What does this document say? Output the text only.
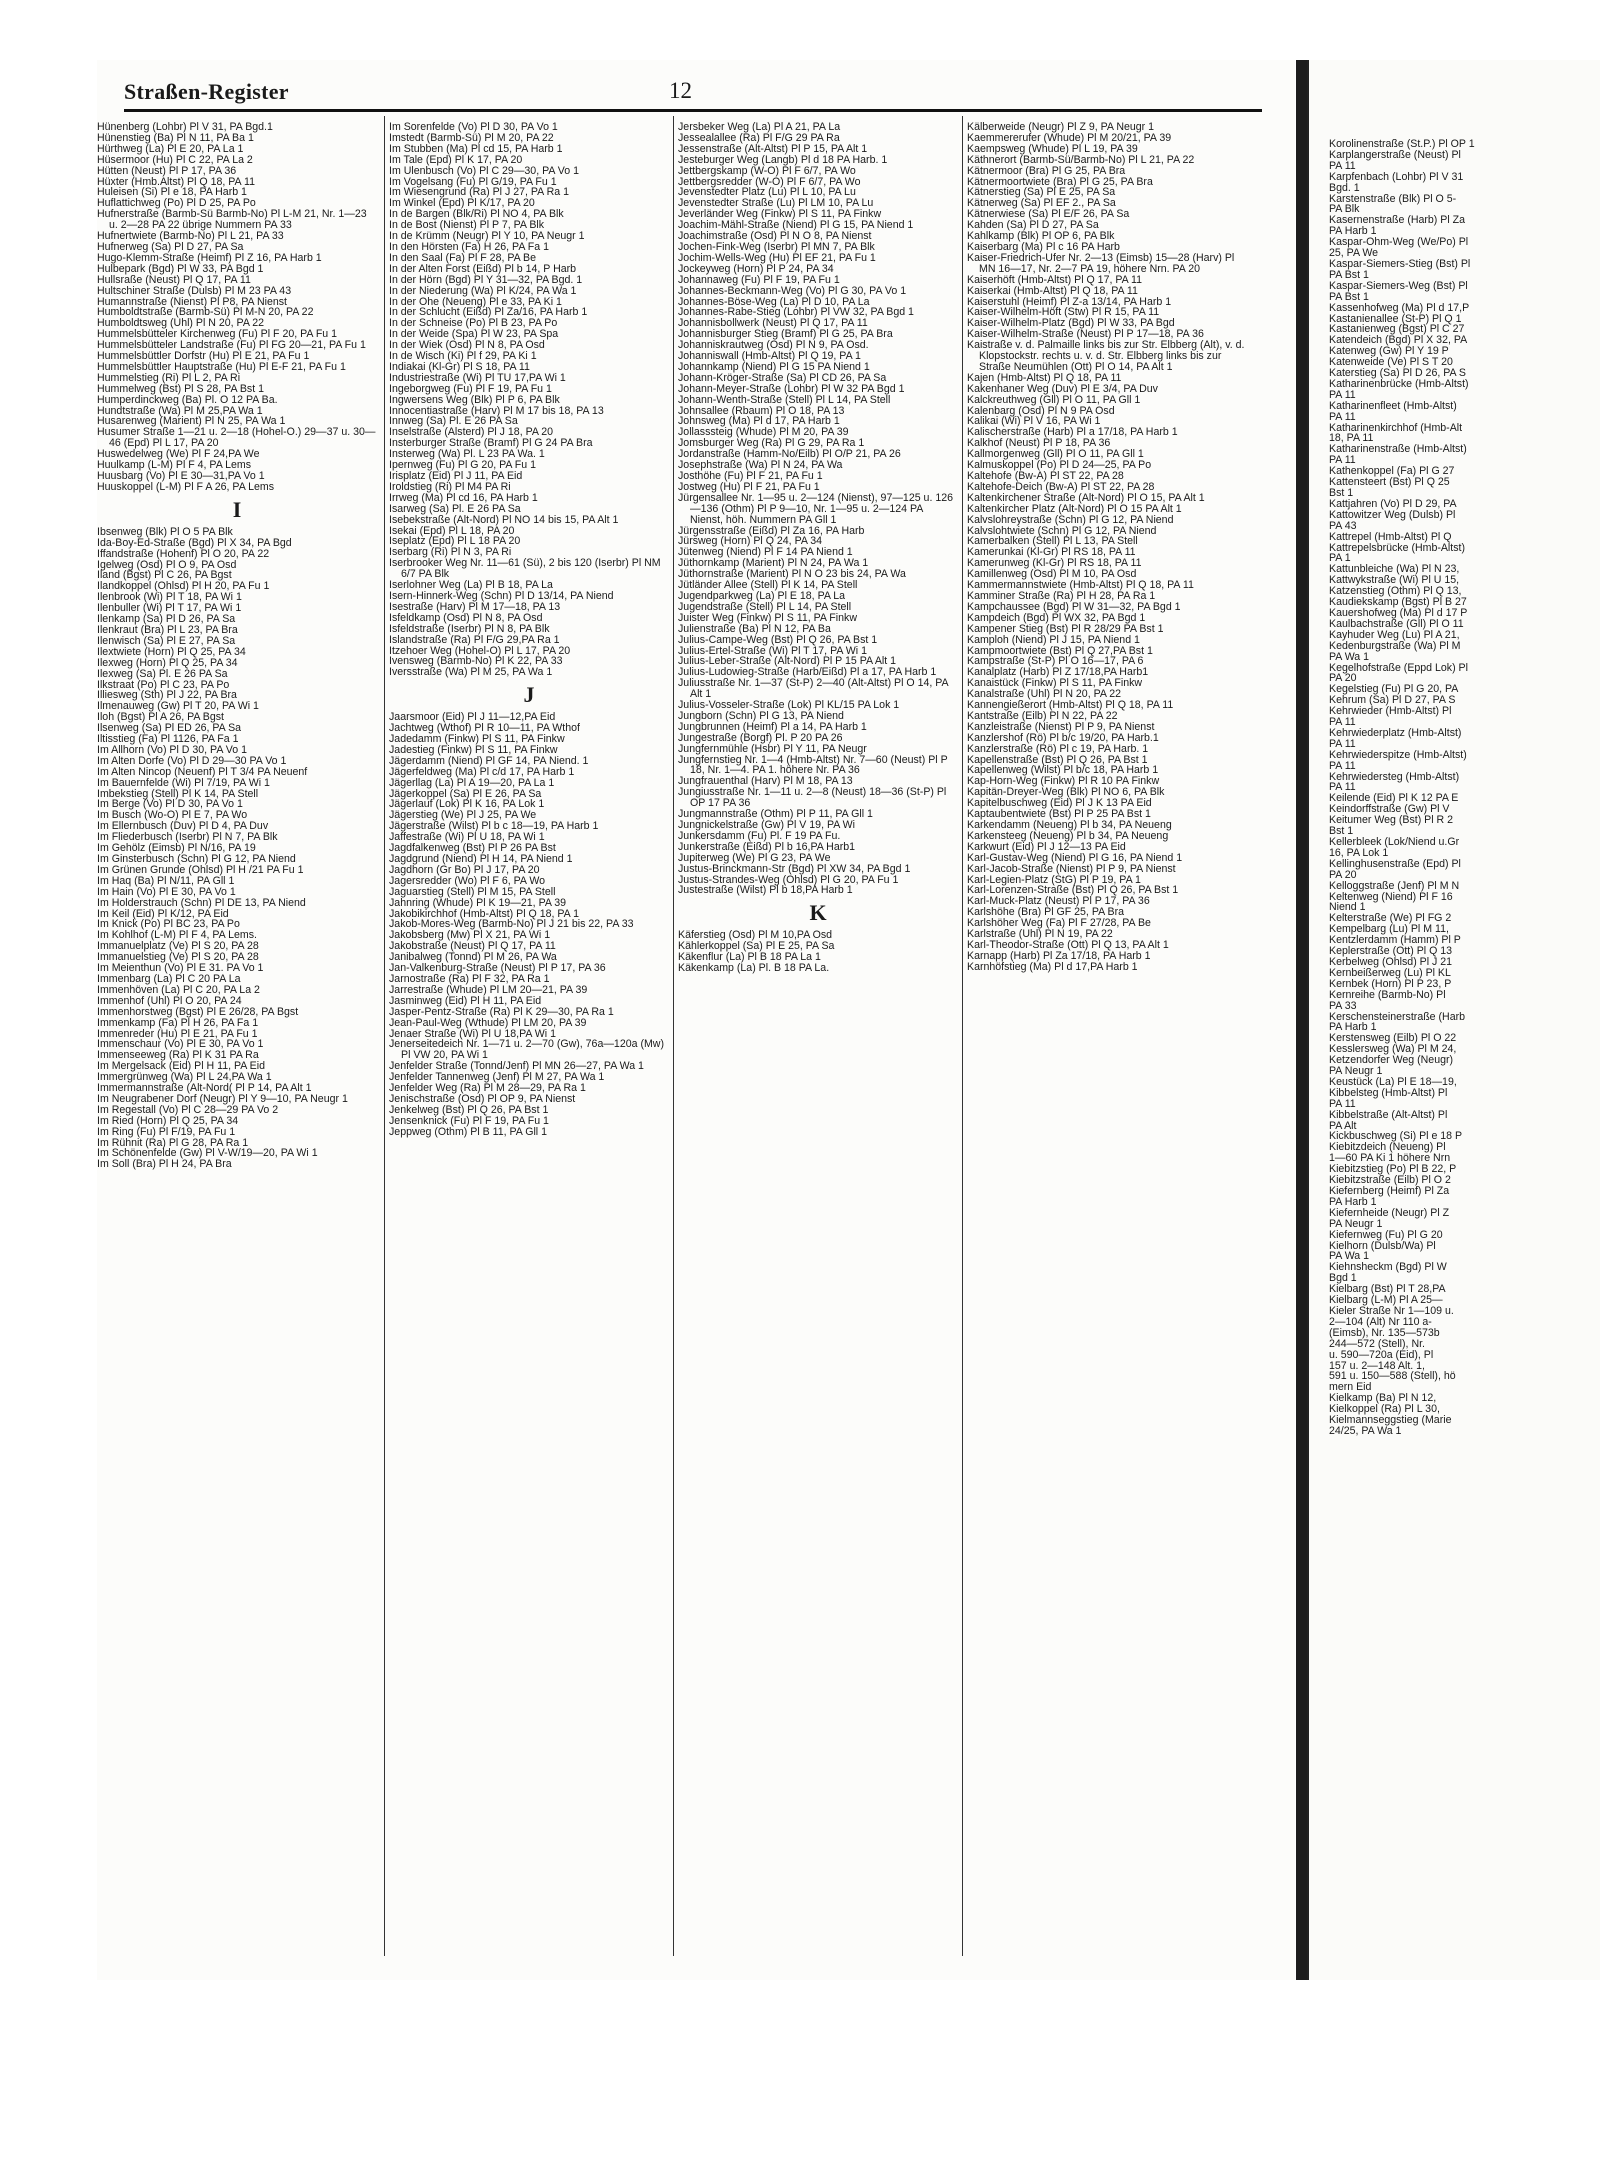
Straßen-Register	12
Hünenberg (Lohbr) Pl V 31, PA Bgd.1
Hünenstieg (Ba) Pl N 11, PA Ba 1
Hürthweg (La) Pl E 20, PA La 1
Hüsermoor (Hu) Pl C 22, PA La 2
Hütten (Neust) Pl P 17, PA 36
Hüxter (Hmb.Altst) Pl Q 18, PA 11
Huleisen (Si) Pl e 18, PA Harb 1
Huflattichweg (Po) Pl D 25, PA Po
Hufnerstraße (Barmb-Sü Barmb-No) Pl L-M 21, Nr. 1—23 u. 2—28 PA 22 übrige Nummern PA 33
Hufnertwiete (Barmb-No) Pl L 21, PA 33
Hufnerweg (Sa) Pl D 27, PA Sa
Hugo-Klemm-Straße (Heimf) Pl Z 16, PA Harb 1
Hulbepark (Bgd) Pl W 33, PA Bgd 1
Hullsraße (Neust) Pl Q 17, PA 11
Hultschiner Straße (Dulsb) Pl M 23 PA 43
Humannstraße (Nienst) Pl P8, PA Nienst
Humboldtstraße (Barmb-Sü) Pl M-N 20, PA 22
Humboldtsweg (Uhl) Pl N 20, PA 22
Hummelsbütteler Kirchenweg (Fu) Pl F 20, PA Fu 1
Hummelsbütteler Landstraße (Fu) Pl FG 20—21, PA Fu 1
Hummelsbüttler Dorfstr (Hu) Pl E 21, PA Fu 1
Hummelsbüttler Hauptstraße (Hu) Pl E-F 21, PA Fu 1
Hummelstieg (Ri) Pl L 2, PA Ri
Hummelweg (Bst) Pl S 28, PA Bst 1
Humperdinckweg (Ba) Pl. O 12 PA Ba.
Hundtstraße (Wa) Pl M 25,PA Wa 1
Husarenweg (Marient) Pl N 25, PA Wa 1
Husumer Straße 1—21 u. 2—18 (Hohel-O.) 29—37 u. 30—46 (Epd) Pl L 17, PA 20
Huswedelweg (We) Pl F 24,PA We
Huulkamp (L-M) Pl F 4, PA Lems
Huusbarg (Vo) Pl E 30—31,PA Vo 1
Huuskoppel (L-M) Pl F A 26, PA Lems
I
Ibsenweg (Blk) Pl O 5 PA Blk
Ida-Boy-Ed-Straße (Bgd) Pl X 34, PA Bgd
Iffandstraße (Hohenf) Pl O 20, PA 22
Igelweg (Osd) Pl O 9, PA Osd
Iland (Bgst) Pl C 26, PA Bgst
Ilandkoppel (Ohlsd) Pl H 20, PA Fu 1
Ilenbrook (Wi) Pl T 18, PA Wi 1
Ilenbuller (Wi) Pl T 17, PA Wi 1
Ilenkamp (Sa) Pl D 26, PA Sa
Ilenkraut (Bra) Pl L 23, PA Bra
Ilenwisch (Sa) Pl E 27, PA Sa
Ilextwiete (Horn) Pl Q 25, PA 34
Ilexweg (Horn) Pl Q 25, PA 34
Ilexweg (Sa) Pl. E 26 PA Sa
Ilkstraat (Po) Pl C 23, PA Po
Illiesweg (Sth) Pl J 22, PA Bra
Ilmenauweg (Gw) Pl T 20, PA Wi 1
Iloh (Bgst) Pl A 26, PA Bgst
Ilsenweg (Sa) Pl ED 26, PA Sa
Iltisstieg (Fa) Pl 1126, PA Fa 1
Im Allhorn (Vo) Pl D 30, PA Vo 1
Im Alten Dorfe (Vo) Pl D 29—30 PA Vo 1
Im Alten Nincop (Neuenf) Pl T 3/4 PA Neuenf
Im Bauernfelde (Wi) Pl 7/19, PA Wi 1
Imbekstieg (Stell) Pl K 14, PA Stell
Im Berge (Vo) Pl D 30, PA Vo 1
Im Busch (Wo-O) Pl E 7, PA Wo
Im Ellernbusch (Duv) Pl D 4, PA Duv
Im Fliederbusch (Iserbr) Pl N 7, PA Blk
Im Gehölz (Eimsb) Pl N/16, PA 19
Im Ginsterbusch (Schn) Pl G 12, PA Niend
Im Grünen Grunde (Ohlsd) Pl H /21 PA Fu 1
Im Haq (Ba) Pl N/11, PA Gll 1
Im Hain (Vo) Pl E 30, PA Vo 1
Im Holderstrauch (Schn) Pl DE 13, PA Niend
Im Keil (Eid) Pl K/12, PA Eid
Im Knick (Po) Pl BC 23, PA Po
Im Kohlhof (L-M) Pl F 4, PA Lems.
Immanuelplatz (Ve) Pl S 20, PA 28
Immanuelstieg (Ve) Pl S 20, PA 28
Im Meienthun (Vo) Pl E 31. PA Vo 1
Immenbarg (La) Pl C 20 PA La
Immenhöven (La) Pl C 20, PA La 2
Immenhof (Uhl) Pl O 20, PA 24
Immenhorstweg (Bgst) Pl E 26/28, PA Bgst
Immenkamp (Fa) Pl H 26, PA Fa 1
Immenreder (Hu) Pl E 21, PA Fu 1
Immenschaur (Vo) Pl E 30, PA Vo 1
Immenseeweg (Ra) Pl K 31 PA Ra
Im Mergelsack (Eid) Pl H 11, PA Eid
Immergrünweg (Wa) Pl L 24,PA Wa 1
Immermannstraße (Alt-Nord( Pl P 14, PA Alt 1
Im Neugrabener Dorf (Neugr) Pl Y 9—10, PA Neugr 1
Im Regestall (Vo) Pl C 28—29 PA Vo 2
Im Ried (Horn) Pl Q 25, PA 34
Im Ring (Fu) Pl F/19, PA Fu 1
Im Rühnit (Ra) Pl G 28, PA Ra 1
Im Schönenfelde (Gw) Pl V-W/19—20, PA Wi 1
Im Soll (Bra) Pl H 24, PA Bra
Im Sorenfelde (Vo) Pl D 30, PA Vo 1
Imstedt (Barmb-Sü) Pl M 20, PA 22
Im Stubben (Ma) Pl cd 15, PA Harb 1
Im Tale (Epd) Pl K 17, PA 20
Im Ulenbusch (Vo) Pl C 29—30, PA Vo 1
Im Vogelsang (Fu) Pl G/19, PA Fu 1
Im Wiesengrund (Ra) Pl J 27, PA Ra 1
Im Winkel (Epd) Pl K/17, PA 20
In de Bargen (Blk/Ri) Pl NO 4, PA Blk
In de Bost (Nienst) Pl P 7, PA Blk
In de Krümm (Neugr) Pl Y 10, PA Neugr 1
In den Hörsten (Fa) H 26, PA Fa 1
In den Saal (Fa) Pl F 28, PA Be
In der Alten Forst (Eißd) Pl b 14, P Harb
In der Hörn (Bgd) Pl Y 31—32, PA Bgd. 1
In der Niederung (Wa) Pl K/24, PA Wa 1
In der Ohe (Neueng) Pl e 33, PA Ki 1
In der Schlucht (Eißd) Pl Za/16, PA Harb 1
In der Schneise (Po) Pl B 23, PA Po
In der Weide (Spa) Pl W 23, PA Spa
In der Wiek (Osd) Pl N 8, PA Osd
In de Wisch (Ki) Pl f 29, PA Ki 1
Indiakai (Kl-Gr) Pl S 18, PA 11
Industriestraße (Wi) Pl TU 17,PA Wi 1
Ingeborgweg (Fu) Pl F 19, PA Fu 1
Ingwersens Weg (Blk) Pl P 6, PA Blk
Innocentiastraße (Harv) Pl M 17 bis 18, PA 13
Innweg (Sa) Pl. E 26 PA Sa
Inselstraße (Alsterd) Pl J 18, PA 20
Insterburger Straße (Bramf) Pl G 24 PA Bra
Insterweg (Wa) Pl. L 23 PA Wa. 1
Ipernweg (Fu) Pl G 20, PA Fu 1
Irisplatz (Eid) Pl J 11, PA Eid
Iroldstieg (Ri) Pl M4 PA Ri
Irrweg (Ma) Pl cd 16, PA Harb 1
Isarweg (Sa) Pl. E 26 PA Sa
Isebekstraße (Alt-Nord) Pl NO 14 bis 15, PA Alt 1
Isekai (Epd) Pl L 18, PA 20
Iseplatz (Epd) Pl L 18 PA 20
Iserbarg (Ri) Pl N 3, PA Ri
Iserbrooker Weg Nr. 11—61 (Sü), 2 bis 120 (Iserbr) Pl NM 6/7 PA Blk
Iserlohner Weg (La) Pl B 18, PA La
Isern-Hinnerk-Weg (Schn) Pl D 13/14, PA Niend
Isestraße (Harv) Pl M 17—18, PA 13
Isfeldkamp (Osd) Pl N 8, PA Osd
Isfeldstraße (Iserbr) Pl N 8, PA Blk
Islandstraße (Ra) Pl F/G 29,PA Ra 1
Itzehoer Weg (Hohel-O) Pl L 17, PA 20
Ivensweg (Barmb-No) Pl K 22, PA 33
Iversstraße (Wa) Pl M 25, PA Wa 1
J
Jaarsmoor (Eid) Pl J 11—12,PA Eid
Jachtweg (Wthof) Pl R 10—11, PA Wthof
Jadedamm (Finkw) Pl S 11, PA Finkw
Jadestieg (Finkw) Pl S 11, PA Finkw
Jägerdamm (Niend) Pl GF 14, PA Niend. 1
Jägerfeldweg (Ma) Pl c/d 17, PA Harb 1
Jägerllag (La) Pl A 19—20, PA La 1
Jägerkoppel (Sa) Pl E 26, PA Sa
Jägerlauf (Lok) Pl K 16, PA Lok 1
Jägerstieg (We) Pl J 25, PA We
Jägerstraße (Wilst) Pl b c 18—19, PA Harb 1
Jaffestraße (Wi) Pl U 18, PA Wi 1
Jagdfalkenweg (Bst) Pl P 26 PA Bst
Jagdgrund (Niend) Pl H 14, PA Niend 1
Jagdhorn (Gr Bo) Pl J 17, PA 20
Jagersredder (Wo) Pl F 6, PA Wo
Jaguarstieg (Stell) Pl M 15, PA Stell
Jahnring (Whude) Pl K 19—21, PA 39
Jakobikirchhof (Hmb-Altst) Pl Q 18, PA 1
Jakob-Mores-Weg (Barmb-No) Pl J 21 bis 22, PA 33
Jakobsberg (Mw) Pl X 21, PA Wi 1
Jakobstraße (Neust) Pl Q 17, PA 11
Janibalweg (Tonnd) Pl M 26, PA Wa
Jan-Valkenburg-Straße (Neust) Pl P 17, PA 36
Jarnostraße (Ra) Pl F 32, PA Ra 1
Jarrestraße (Whude) Pl LM 20—21, PA 39
Jasminweg (Eid) Pl H 11, PA Eid
Jasper-Pentz-Straße (Ra) Pl K 29—30, PA Ra 1
Jean-Paul-Weg (Wthude) Pl LM 20, PA 39
Jenaer Straße (Wi) Pl U 18,PA Wi 1
Jenerseitedeich Nr. 1—71 u. 2—70 (Gw), 76a—120a (Mw) Pl VW 20, PA Wi 1
Jenfelder Straße (Tonnd/Jenf) Pl MN 26—27, PA Wa 1
Jenfelder Tannenweg (Jenf) Pl M 27, PA Wa 1
Jenfelder Weg (Ra) Pl M 28—29, PA Ra 1
Jenischstraße (Osd) Pl OP 9, PA Nienst
Jenkelweg (Bst) Pl Q 26, PA Bst 1
Jensenknick (Fu) Pl F 19, PA Fu 1
Jeppweg (Othm) Pl B 11, PA Gll 1
Jersbeker Weg (La) Pl A 21, PA La
Jessealallee (Ra) Pl F/G 29 PA Ra
Jessenstraße (Alt-Altst) Pl P 15, PA Alt 1
Jesteburger Weg (Langb) Pl d 18 PA Harb. 1
Jettbergskamp (W-O) Pl F 6/7, PA Wo
Jettbergsredder (W-O) Pl F 6/7, PA Wo
Jevenstedter Platz (Lu) Pl L 10, PA Lu
Jevenstedter Straße (Lu) Pl LM 10, PA Lu
Jeverländer Weg (Finkw) Pl S 11, PA Finkw
Joachim-Mähl-Straße (Niend) Pl G 15, PA Niend 1
Joachimstraße (Osd) Pl N O 8, PA Nienst
Jochen-Fink-Weg (Iserbr) Pl MN 7, PA Blk
Jochim-Wells-Weg (Hu) Pl EF 21, PA Fu 1
Jockeyweg (Horn) Pl P 24, PA 34
Johannaweg (Fu) Pl F 19, PA Fu 1
Johannes-Beckmann-Weg (Vo) Pl G 30, PA Vo 1
Johannes-Böse-Weg (La) Pl D 10, PA La
Johannes-Rabe-Stieg (Lohbr) Pl VW 32, PA Bgd 1
Johannisbollwerk (Neust) Pl Q 17, PA 11
Johannisburger Stieg (Bramf) Pl G 25, PA Bra
Johanniskrautweg (Osd) Pl N 9, PA Osd.
Johanniswall (Hmb-Altst) Pl Q 19, PA 1
Johannkamp (Niend) Pl G 15 PA Niend 1
Johann-Kröger-Straße (Sa) Pl CD 26, PA Sa
Johann-Meyer-Straße (Lohbr) Pl W 32 PA Bgd 1
Johann-Wenth-Straße (Stell) Pl L 14, PA Stell
Johnsallee (Rbaum) Pl O 18, PA 13
Johnsweg (Ma) Pl d 17, PA Harb 1
Jollasssteig (Whude) Pl M 20, PA 39
Jomsburger Weg (Ra) Pl G 29, PA Ra 1
Jordanstraße (Hamm-No/Eilb) Pl O/P 21, PA 26
Josephstraße (Wa) Pl N 24, PA Wa
Josthöhe (Fu) Pl F 21, PA Fu 1
Jostweg (Hu) Pl F 21, PA Fu 1
Jürgensallee Nr. 1—95 u. 2—124 (Nienst), 97—125 u. 126—136 (Othm) Pl P 9—10, Nr. 1—95 u. 2—124 PA Nienst, höh. Nummern PA Gll 1
Jürgensstraße (Eißd) Pl Za 16, PA Harb
Jürsweg (Horn) Pl Q 24, PA 34
Jütenweg (Niend) Pl F 14 PA Niend 1
Jüthornkamp (Marient) Pl N 24, PA Wa 1
Jüthornstraße (Marient) Pl N O 23 bis 24, PA Wa
Jütländer Allee (Stell) Pl K 14, PA Stell
Jugendparkweg (La) Pl E 18, PA La
Jugendstraße (Stell) Pl L 14, PA Stell
Juister Weg (Finkw) Pl S 11, PA Finkw
Julienstraße (Ba) Pl N 12, PA Ba
Julius-Campe-Weg (Bst) Pl Q 26, PA Bst 1
Julius-Ertel-Straße (Wi) Pl T 17, PA Wi 1
Julius-Leber-Straße (Alt-Nord) Pl P 15 PA Alt 1
Julius-Ludowieg-Straße (Harb/Eißd) Pl a 17, PA Harb 1
Juliusstraße Nr. 1—37 (St-P) 2—40 (Alt-Altst) Pl O 14, PA Alt 1
Julius-Vosseler-Straße (Lok) Pl KL/15 PA Lok 1
Jungborn (Schn) Pl G 13, PA Niend
Jungbrunnen (Heimf) Pl a 14, PA Harb 1
Jungestraße (Borgf) Pl. P 20 PA 26
Jungfernmühle (Hsbr) Pl Y 11, PA Neugr
Jungfernstieg Nr. 1—4 (Hmb-Altst) Nr. 7—60 (Neust) Pl P 18, Nr. 1—4. PA 1. höhere Nr. PA 36
Jungfrauenthal (Harv) Pl M 18, PA 13
Jungiusstraße Nr. 1—11 u. 2—8 (Neust) 18—36 (St-P) Pl OP 17 PA 36
Jungmannstraße (Othm) Pl P 11, PA Gll 1
Jungnickelstraße (Gw) Pl V 19, PA Wi
Junkersdamm (Fu) Pl. F 19 PA Fu.
Junkerstraße (Eißd) Pl b 16,PA Harb1
Jupiterweg (We) Pl G 23, PA We
Justus-Brinckmann-Str (Bgd) Pl XW 34, PA Bgd 1
Justus-Strandes-Weg (Ohlsd) Pl G 20, PA Fu 1
Justestraße (Wilst) Pl b 18,PA Harb 1
K
Käferstieg (Osd) Pl M 10,PA Osd
Kählerkoppel (Sa) Pl E 25, PA Sa
Käkenflur (La) Pl B 18 PA La 1
Käkenkamp (La) Pl. B 18 PA La.
Kälberweide (Neugr) Pl Z 9, PA Neugr 1
Kaemmererufer (Whude) Pl M 20/21, PA 39
Kaempsweg (Whude) Pl L 19, PA 39
Käthnerort (Barmb-Sü/Barmb-No) Pl L 21, PA 22
Kätnermoor (Bra) Pl G 25, PA Bra
Kätnermoortwiete (Bra) Pl G 25, PA Bra
Kätnerstieg (Sa) Pl E 25, PA Sa
Kätnerweg (Sa) Pl EF 2., PA Sa
Kätnerwiese (Sa) Pl E/F 26, PA Sa
Kahden (Sa) Pl D 27, PA Sa
Kahlkamp (Blk) Pl OP 6, PA Blk
Kaiserbarg (Ma) Pl c 16 PA Harb
Kaiser-Friedrich-Ufer Nr. 2—13 (Eimsb) 15—28 (Harv) Pl MN 16—17, Nr. 2—7 PA 19, höhere Nrn. PA 20
Kaiserhöft (Hmb-Altst) Pl Q 17, PA 11
Kaiserkai (Hmb-Altst) Pl Q 18, PA 11
Kaiserstuhl (Heimf) Pl Z-a 13/14, PA Harb 1
Kaiser-Wilhelm-Höft (Stw) Pl R 15, PA 11
Kaiser-Wilhelm-Platz (Bgd) Pl W 33, PA Bgd
Kaiser-Wilhelm-Straße (Neust) Pl P 17—18, PA 36
Kaistraße v. d. Palmaille links bis zur Str. Elbberg (Alt), v. d. Klopstockstr. rechts u. v. d. Str. Elbberg links bis zur Straße Neumühlen (Ott) Pl O 14, PA Alt 1
Kajen (Hmb-Altst) Pl Q 18, PA 11
Kakenhaner Weg (Duv) Pl E 3/4, PA Duv
Kalckreuthweg (Gll) Pl O 11, PA Gll 1
Kalenbarg (Osd) Pl N 9 PA Osd
Kalikai (Wi) Pl V 16, PA Wi 1
Kalischerstraße (Harb) Pl a 17/18, PA Harb 1
Kalkhof (Neust) Pl P 18, PA 36
Kallmorgenweg (Gll) Pl O 11, PA Gll 1
Kalmuskoppel (Po) Pl D 24—25, PA Po
Kaltehofe (Bw-A) Pl ST 22, PA 28
Kaltehofe-Deich (Bw-A) Pl ST 22, PA 28
Kaltenkirchener Straße (Alt-Nord) Pl O 15, PA Alt 1
Kaltenkircher Platz (Alt-Nord) Pl O 15 PA Alt 1
Kalvslohreystraße (Schn) Pl G 12, PA Niend
Kalvslohtwiete (Schn) Pl G 12, PA Niend
Kamerbalken (Stell) Pl L 13, PA Stell
Kamerunkai (Kl-Gr) Pl RS 18, PA 11
Kamerunweg (Kl-Gr) Pl RS 18, PA 11
Kamillenweg (Osd) Pl M 10, PA Osd
Kammermannstwiete (Hmb-Altst) Pl Q 18, PA 11
Kamminer Straße (Ra) Pl H 28, PA Ra 1
Kampchaussee (Bgd) Pl W 31—32, PA Bgd 1
Kampdeich (Bgd) Pl WX 32, PA Bgd 1
Kampener Stieg (Bst) Pl R 28/29 PA Bst 1
Kamploh (Niend) Pl J 15, PA Niend 1
Kampmoortwiete (Bst) Pl Q 27,PA Bst 1
Kampstraße (St-P) Pl O 16—17, PA 6
Kanalplatz (Harb) Pl Z 17/18,PA Harb1
Kanaistück (Finkw) Pl S 11, PA Finkw
Kanalstraße (Uhl) Pl N 20, PA 22
Kannengießerort (Hmb-Altst) Pl Q 18, PA 11
Kantstraße (Eilb) Pl N 22, PA 22
Kanzleistraße (Nienst) Pl P 9, PA Nienst
Kanzlershof (Rö) Pl b/c 19/20, PA Harb.1
Kanzlerstraße (Rö) Pl c 19, PA Harb. 1
Kapellenstraße (Bst) Pl Q 26, PA Bst 1
Kapellenweg (Wilst) Pl b/c 18, PA Harb 1
Kap-Horn-Weg (Finkw) Pl R 10 PA Finkw
Kapitän-Dreyer-Weg (Blk) Pl NO 6, PA Blk
Kapitelbuschweg (Eid) Pl J K 13 PA Eid
Kaptaubentwiete (Bst) Pl P 25 PA Bst 1
Karkendamm (Neueng) Pl b 34, PA Neueng
Karkensteeg (Neueng) Pl b 34, PA Neueng
Karkwurt (Eid) Pl J 12—13 PA Eid
Karl-Gustav-Weg (Niend) Pl G 16, PA Niend 1
Karl-Jacob-Straße (Nienst) Pl P 9, PA Nienst
Karl-Legien-Platz (StG) Pl P 19, PA 1
Karl-Lorenzen-Straße (Bst) Pl Q 26, PA Bst 1
Karl-Muck-Platz (Neust) Pl P 17, PA 36
Karlshöhe (Bra) Pl GF 25, PA Bra
Karlshöher Weg (Fa) Pl F 27/28, PA Be
Karlstraße (Uhl) Pl N 19, PA 22
Karl-Theodor-Straße (Ott) Pl Q 13, PA Alt 1
Karnapp (Harb) Pl Za 17/18, PA Harb 1
Karnhöfstieg (Ma) Pl d 17,PA Harb 1
Korolinenstraße (St.P.) Pl OP 1
Karplangerstraße (Neust) Pl
PA 11
Karpfenbach (Lohbr) Pl V 31
Bgd. 1
Karstenstraße (Blk) Pl O 5-
PA Blk
Kasernenstraße (Harb) Pl Za
PA Harb 1
Kaspar-Ohm-Weg (We/Po) Pl
25, PA We
Kaspar-Siemers-Stieg (Bst) Pl
PA Bst 1
Kaspar-Siemers-Weg (Bst) Pl
PA Bst 1
Kassenhofweg (Ma) Pl d 17,P
Kastanienallee (St-P) Pl Q 1
Kastanienweg (Bgst) Pl C 27
Katendeich (Bgd) Pl X 32, PA
Katenweg (Gw) Pl Y 19 P
Katenweide (Ve) Pl S T 20
Katerstieg (Sa) Pl D 26, PA S
Katharinenbrücke (Hmb-Altst)
PA 11
Katharinenfleet (Hmb-Altst)
PA 11
Katharinenkirchhof (Hmb-Alt
18, PA 11
Katharinenstraße (Hmb-Altst)
PA 11
Kathenkoppel (Fa) Pl G 27
Kattensteert (Bst) Pl Q 25
Bst 1
Kattjahren (Vo) Pl D 29, PA
Kattowitzer Weg (Dulsb) Pl
PA 43
Kattrepel (Hmb-Altst) Pl Q
Kattrepelsbrücke (Hmb-Altst)
PA 1
Kattunbleiche (Wa) Pl N 23,
Kattwykstraße (Wi) Pl U 15,
Katzenstieg (Othm) Pl Q 13,
Kaudiekskamp (Bgst) Pl B 27
Kauershofweg (Ma) Pl d 17 P
Kaulbachstraße (Gll) Pl O 11
Kayhuder Weg (Lu) Pl A 21,
Kedenburgstraße (Wa) Pl M
PA Wa 1
Kegelhofstraße (Eppd Lok) Pl
PA 20
Kegelstieg (Fu) Pl G 20, PA
Kehrum (Sa) Pl D 27, PA S
Kehrwieder (Hmb-Altst) Pl
PA 11
Kehrwiederplatz (Hmb-Altst)
PA 11
Kehrwiederspitze (Hmb-Altst)
PA 11
Kehrwiedersteg (Hmb-Altst)
PA 11
Keilende (Eid) Pl K 12 PA E
Keindorffstraße (Gw) Pl V
Keitumer Weg (Bst) Pl R 2
Bst 1
Kellerbleek (Lok/Niend u.Gr
16, PA Lok 1
Kellinghusenstraße (Epd) Pl
PA 20
Kelloggstraße (Jenf) Pl M N
Keltenweg (Niend) Pl F 16
Niend 1
Kelterstraße (We) Pl FG 2
Kempelbarg (Lu) Pl M 11,
Kentzlerdamm (Hamm) Pl P
Keplerstraße (Ott) Pl Q 13
Kerbelweg (Ohlsd) Pl J 21
Kernbeißerweg (Lu) Pl KL
Kernbek (Horn) Pl P 23, P
Kernreihe (Barmb-No) Pl
PA 33
Kerschensteinerstraße (Harb
PA Harb 1
Kerstensweg (Eilb) Pl O 22
Kesslersweg (Wa) Pl M 24,
Ketzendorfer Weg (Neugr)
PA Neugr 1
Keustück (La) Pl E 18—19,
Kibbelsteg (Hmb-Altst) Pl
PA 11
Kibbelstraße (Alt-Altst) Pl
PA Alt
Kickbuschweg (Si) Pl e 18 P
Kiebitzdeich (Neueng) Pl
1—60 PA Ki 1 höhere Nrn
Kiebitzstieg (Po) Pl B 22, P
Kiebitzstraße (Eilb) Pl O 2
Kiefernberg (Heimf) Pl Za
PA Harb 1
Kiefernheide (Neugr) Pl Z
PA Neugr 1
Kiefernweg (Fu) Pl G 20
Kielhorn (Dulsb/Wa) Pl
PA Wa 1
Kiehnsheckm (Bgd) Pl W
Bgd 1
Kielbarg (Bst) Pl T 28,PA
Kielbarg (L-M) Pl A 25—
Kieler Straße Nr 1—109 u.
2—104 (Alt) Nr 110 a-
(Eimsb), Nr. 135—573b
244—572 (Stell), Nr.
u. 590—720a (Eid), Pl
157 u. 2—148 Alt. 1,
591 u. 150—588 (Stell), hö
mern Eid
Kielkamp (Ba) Pl N 12,
Kielkoppel (Ra) Pl L 30,
Kielmannseggstieg (Marie
24/25, PA Wa 1
